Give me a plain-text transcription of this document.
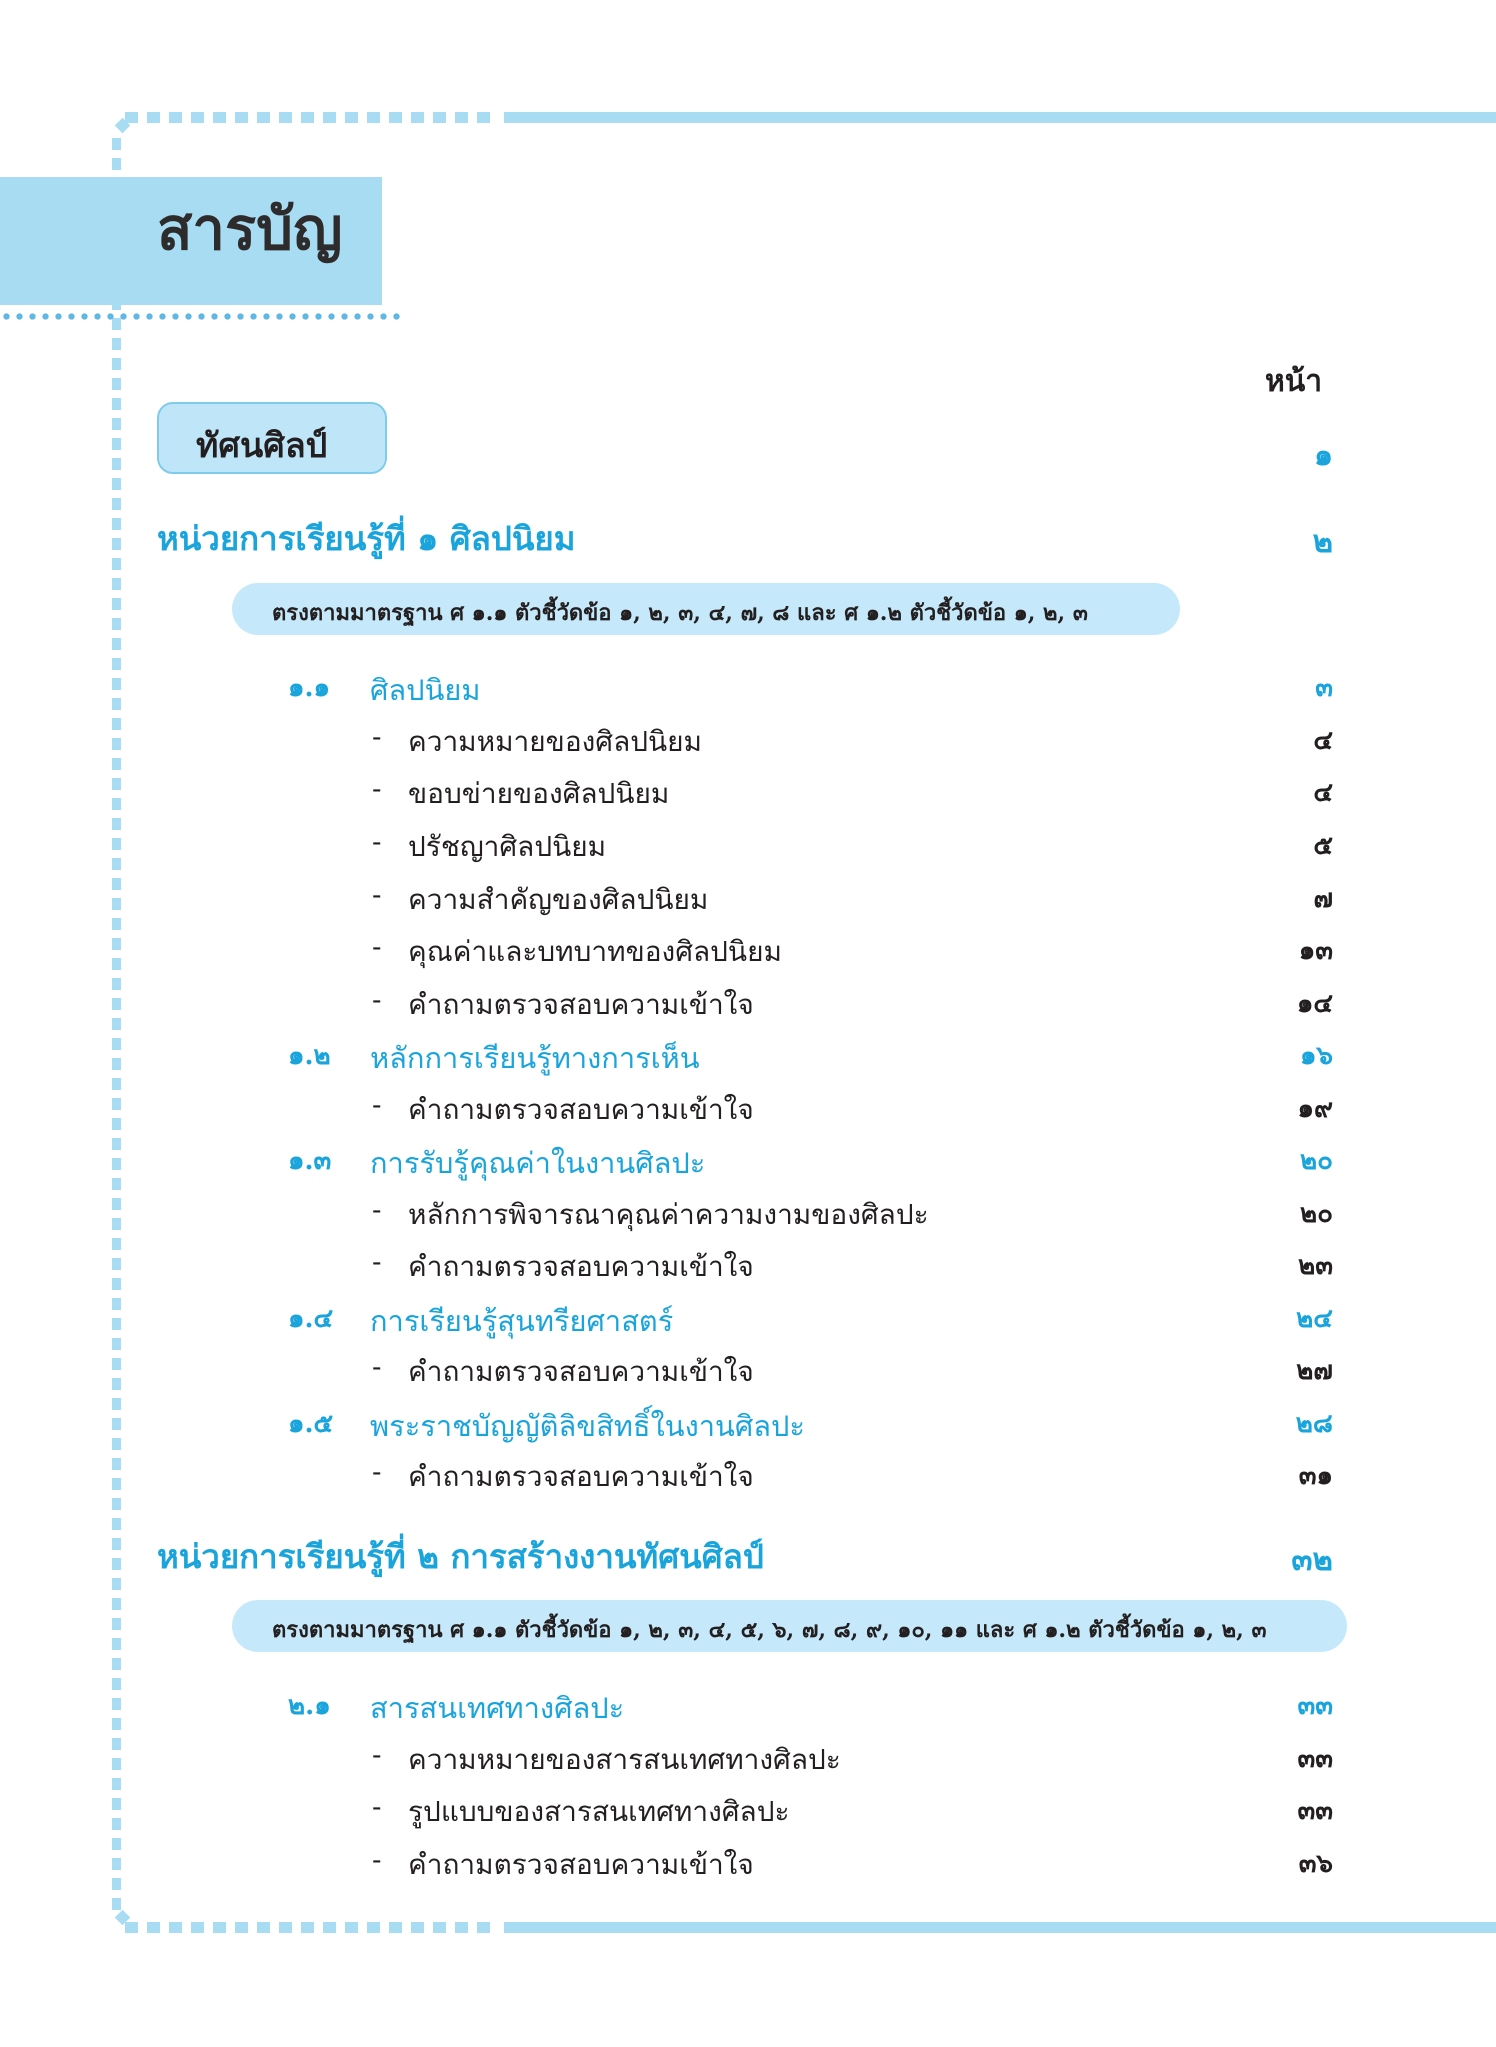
สารบัญ
หน้า
ทัศนศิลป์	๑
หน่วยการเรียนรู้ที่ ๑ ศิลปนิยม	๒
ตรงตามมาตรฐาน ศ ๑.๑ ตัวชี้วัดข้อ ๑, ๒, ๓, ๔, ๗, ๘ และ ศ ๑.๒ ตัวชี้วัดข้อ ๑, ๒, ๓
๑.๑ ศิลปนิยม	๓
- ความหมายของศิลปนิยม	๔
- ขอบข่ายของศิลปนิยม	๔
- ปรัชญาศิลปนิยม	๕
- ความสำคัญของศิลปนิยม	๗
- คุณค่าและบทบาทของศิลปนิยม	๑๓
- คำถามตรวจสอบความเข้าใจ	๑๔
๑.๒ หลักการเรียนรู้ทางการเห็น	๑๖
- คำถามตรวจสอบความเข้าใจ	๑๙
๑.๓ การรับรู้คุณค่าในงานศิลปะ	๒๐
- หลักการพิจารณาคุณค่าความงามของศิลปะ	๒๐
- คำถามตรวจสอบความเข้าใจ	๒๓
๑.๔ การเรียนรู้สุนทรียศาสตร์	๒๔
- คำถามตรวจสอบความเข้าใจ	๒๗
๑.๕ พระราชบัญญัติลิขสิทธิ์ในงานศิลปะ	๒๘
- คำถามตรวจสอบความเข้าใจ	๓๑
หน่วยการเรียนรู้ที่ ๒ การสร้างงานทัศนศิลป์	๓๒
ตรงตามมาตรฐาน ศ ๑.๑ ตัวชี้วัดข้อ ๑, ๒, ๓, ๔, ๕, ๖, ๗, ๘, ๙, ๑๐, ๑๑ และ ศ ๑.๒ ตัวชี้วัดข้อ ๑, ๒, ๓
๒.๑ สารสนเทศทางศิลปะ	๓๓
- ความหมายของสารสนเทศทางศิลปะ	๓๓
- รูปแบบของสารสนเทศทางศิลปะ	๓๓
- คำถามตรวจสอบความเข้าใจ	๓๖
